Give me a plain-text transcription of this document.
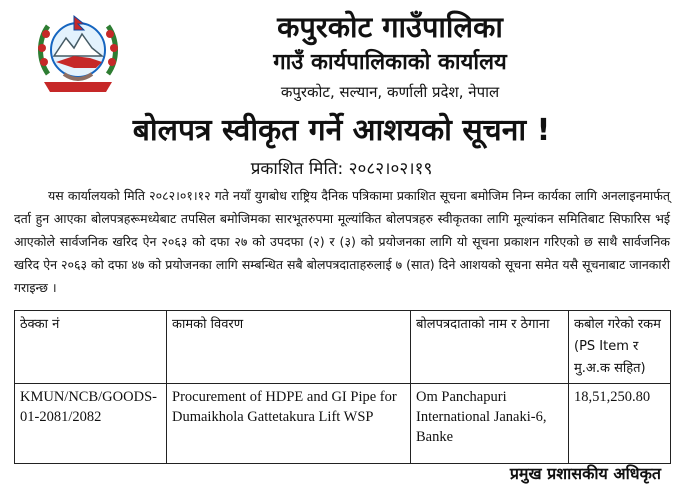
कपुरकोट गाउँपालिका
गाउँ कार्यपालिकाको कार्यालय
कपुरकोट, सल्यान, कर्णाली प्रदेश, नेपाल
बोलपत्र स्वीकृत गर्ने आशयको सूचना !
प्रकाशित मिति: २०८२।०२।१९
यस कार्यालयको मिति २०८२।०१।१२ गते नयाँ युगबोध राष्ट्रिय दैनिक पत्रिकामा प्रकाशित सूचना बमोजिम निम्न कार्यका लागि अनलाइनमार्फत् दर्ता हुन आएका बोलपत्रहरूमध्येबाट तपसिल बमोजिमका सारभूतरुपमा मूल्यांकित बोलपत्रहरु स्वीकृतका लागि मूल्यांकन समितिबाट सिफारिस भई आएकोले सार्वजनिक खरिद ऐन २०६३ को दफा २७ को उपदफा (२) र (३) को प्रयोजनका लागि यो सूचना प्रकाशन गरिएको छ साथै सार्वजनिक खरिद ऐन २०६३ को दफा ४७ को प्रयोजनका लागि सम्बन्धित सबै बोलपत्रदाताहरुलाई ७ (सात) दिने आशयको सूचना समेत यसै सूचनाबाट जानकारी गराइन्छ ।
ठेक्का नं	कामको विवरण	बोलपत्रदाताको नाम र ठेगाना	कबोल गरेको रकम (PS Item र मु.अ.क सहित)
KMUN/NCB/GOODS-01-2081/2082	Procurement of HDPE and GI Pipe for Dumaikhola Gattetakura Lift WSP	Om Panchapuri International Janaki-6, Banke	18,51,250.80
प्रमुख प्रशासकीय अधिकृत
